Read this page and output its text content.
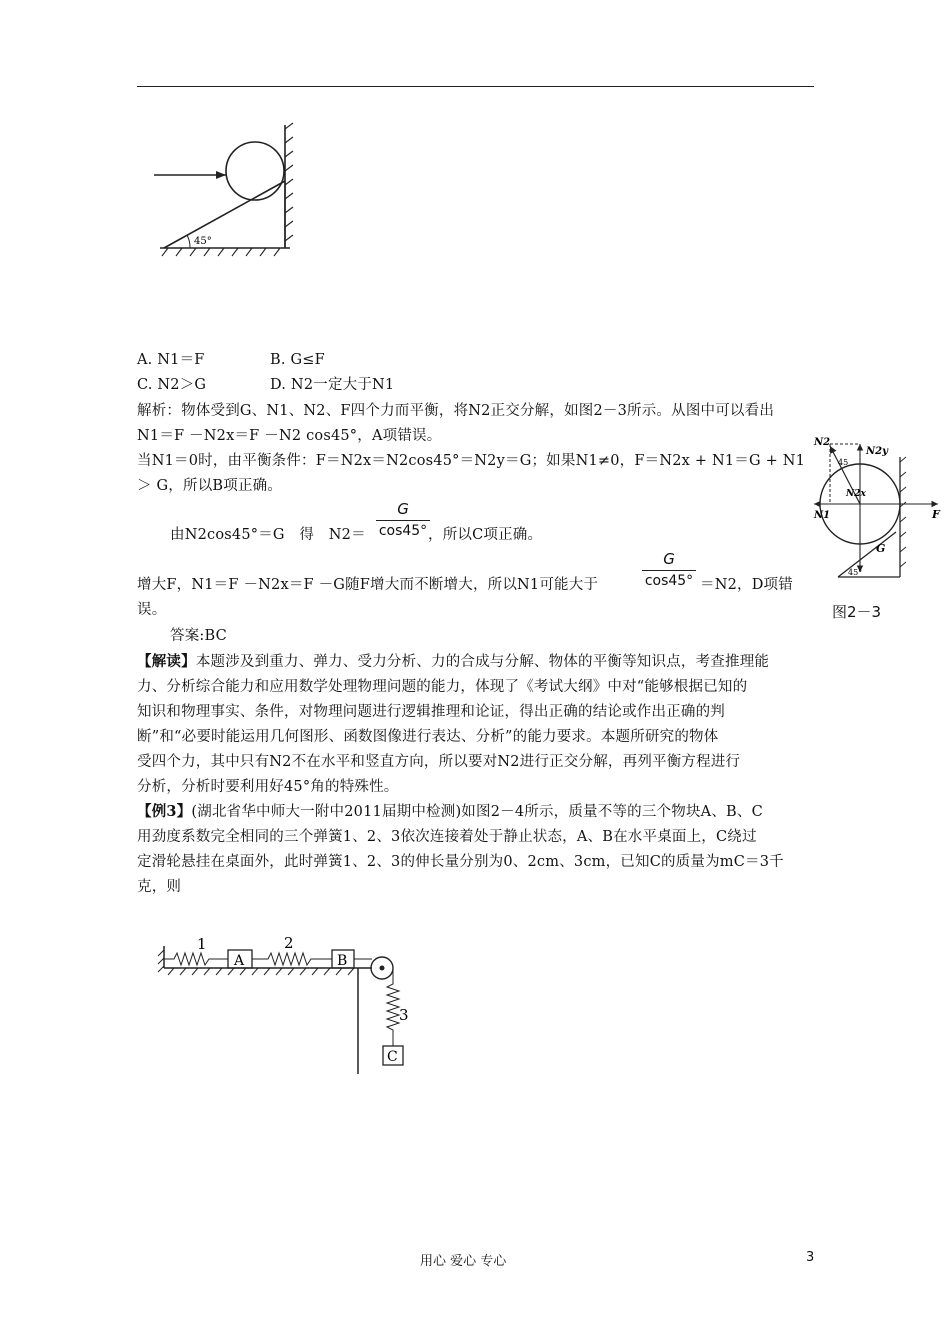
45°
A. N1＝F	B. G≤F
C. N2＞G	D. N2一定大于N1
解析：物体受到G、N1、N2、F四个力而平衡，将N2正交分解，如图2－3所示。从图中可以看出
N1＝F －N2x＝F －N2 cos45°，A项错误。
当N1＝0时，由平衡条件：F＝N2x＝N2cos45°＝N2y＝G；如果N1≠0，F＝N2x + N1＝G + N1
＞ G，所以B项正确。
由N2cos45°＝G　得　N2＝
G
cos45° ，所以C项正确。
增大F，N1＝F －N2x＝F －G随F增大而不断增大，所以N1可能大于
G
cos45° ＝N2，D项错
误。
答案:BC
N2
N2y
45
N2x
N1	F
G
45°
图2－3
【解读】本题涉及到重力、弹力、受力分析、力的合成与分解、物体的平衡等知识点，考查推理能
力、分析综合能力和应用数学处理物理问题的能力，体现了《考试大纲》中对“能够根据已知的
知识和物理事实、条件，对物理问题进行逻辑推理和论证，得出正确的结论或作出正确的判
断”和“必要时能运用几何图形、函数图像进行表达、分析”的能力要求。本题所研究的物体
受四个力，其中只有N2不在水平和竖直方向，所以要对N2进行正交分解，再列平衡方程进行
分析，分析时要利用好45°角的特殊性。
【例3】(湖北省华中师大一附中2011届期中检测)如图2－4所示，质量不等的三个物块A、B、C
用劲度系数完全相同的三个弹簧1、2、3依次连接着处于静止状态，A、B在水平桌面上，C绕过
定滑轮悬挂在桌面外，此时弹簧1、2、3的伸长量分别为0、2cm、3cm，已知C的质量为mC＝3千
克，则
1
A
2
B
3
C
用心 爱心 专心	3
